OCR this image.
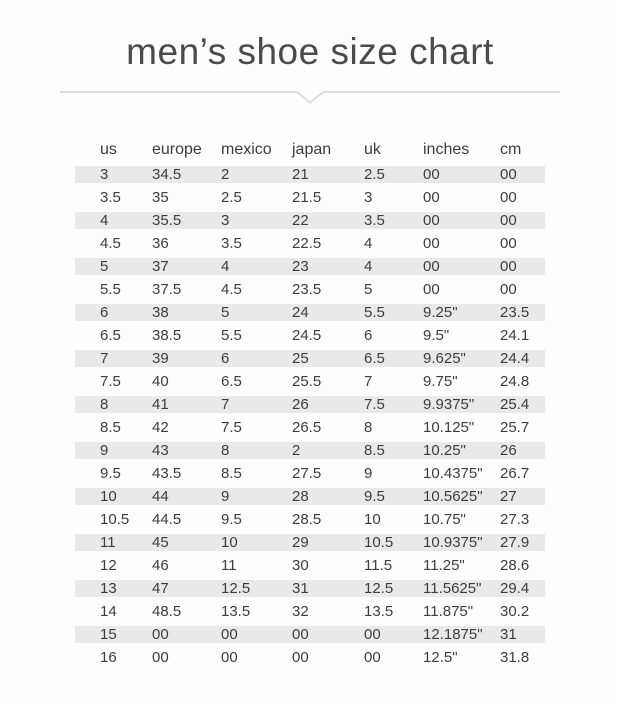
men’s shoe size chart
us	europe	mexico	japan	uk	inches	cm
3	34.5	2	21	2.5	00	00
3.5	35	2.5	21.5	3	00	00
4	35.5	3	22	3.5	00	00
4.5	36	3.5	22.5	4	00	00
5	37	4	23	4	00	00
5.5	37.5	4.5	23.5	5	00	00
6	38	5	24	5.5	9.25"	23.5
6.5	38.5	5.5	24.5	6	9.5"	24.1
7	39	6	25	6.5	9.625"	24.4
7.5	40	6.5	25.5	7	9.75"	24.8
8	41	7	26	7.5	9.9375"	25.4
8.5	42	7.5	26.5	8	10.125"	25.7
9	43	8	2	8.5	10.25"	26
9.5	43.5	8.5	27.5	9	10.4375"	26.7
10	44	9	28	9.5	10.5625"	27
10.5	44.5	9.5	28.5	10	10.75"	27.3
11	45	10	29	10.5	10.9375"	27.9
12	46	11	30	11.5	11.25"	28.6
13	47	12.5	31	12.5	11.5625"	29.4
14	48.5	13.5	32	13.5	11.875"	30.2
15	00	00	00	00	12.1875"	31
16	00	00	00	00	12.5"	31.8
